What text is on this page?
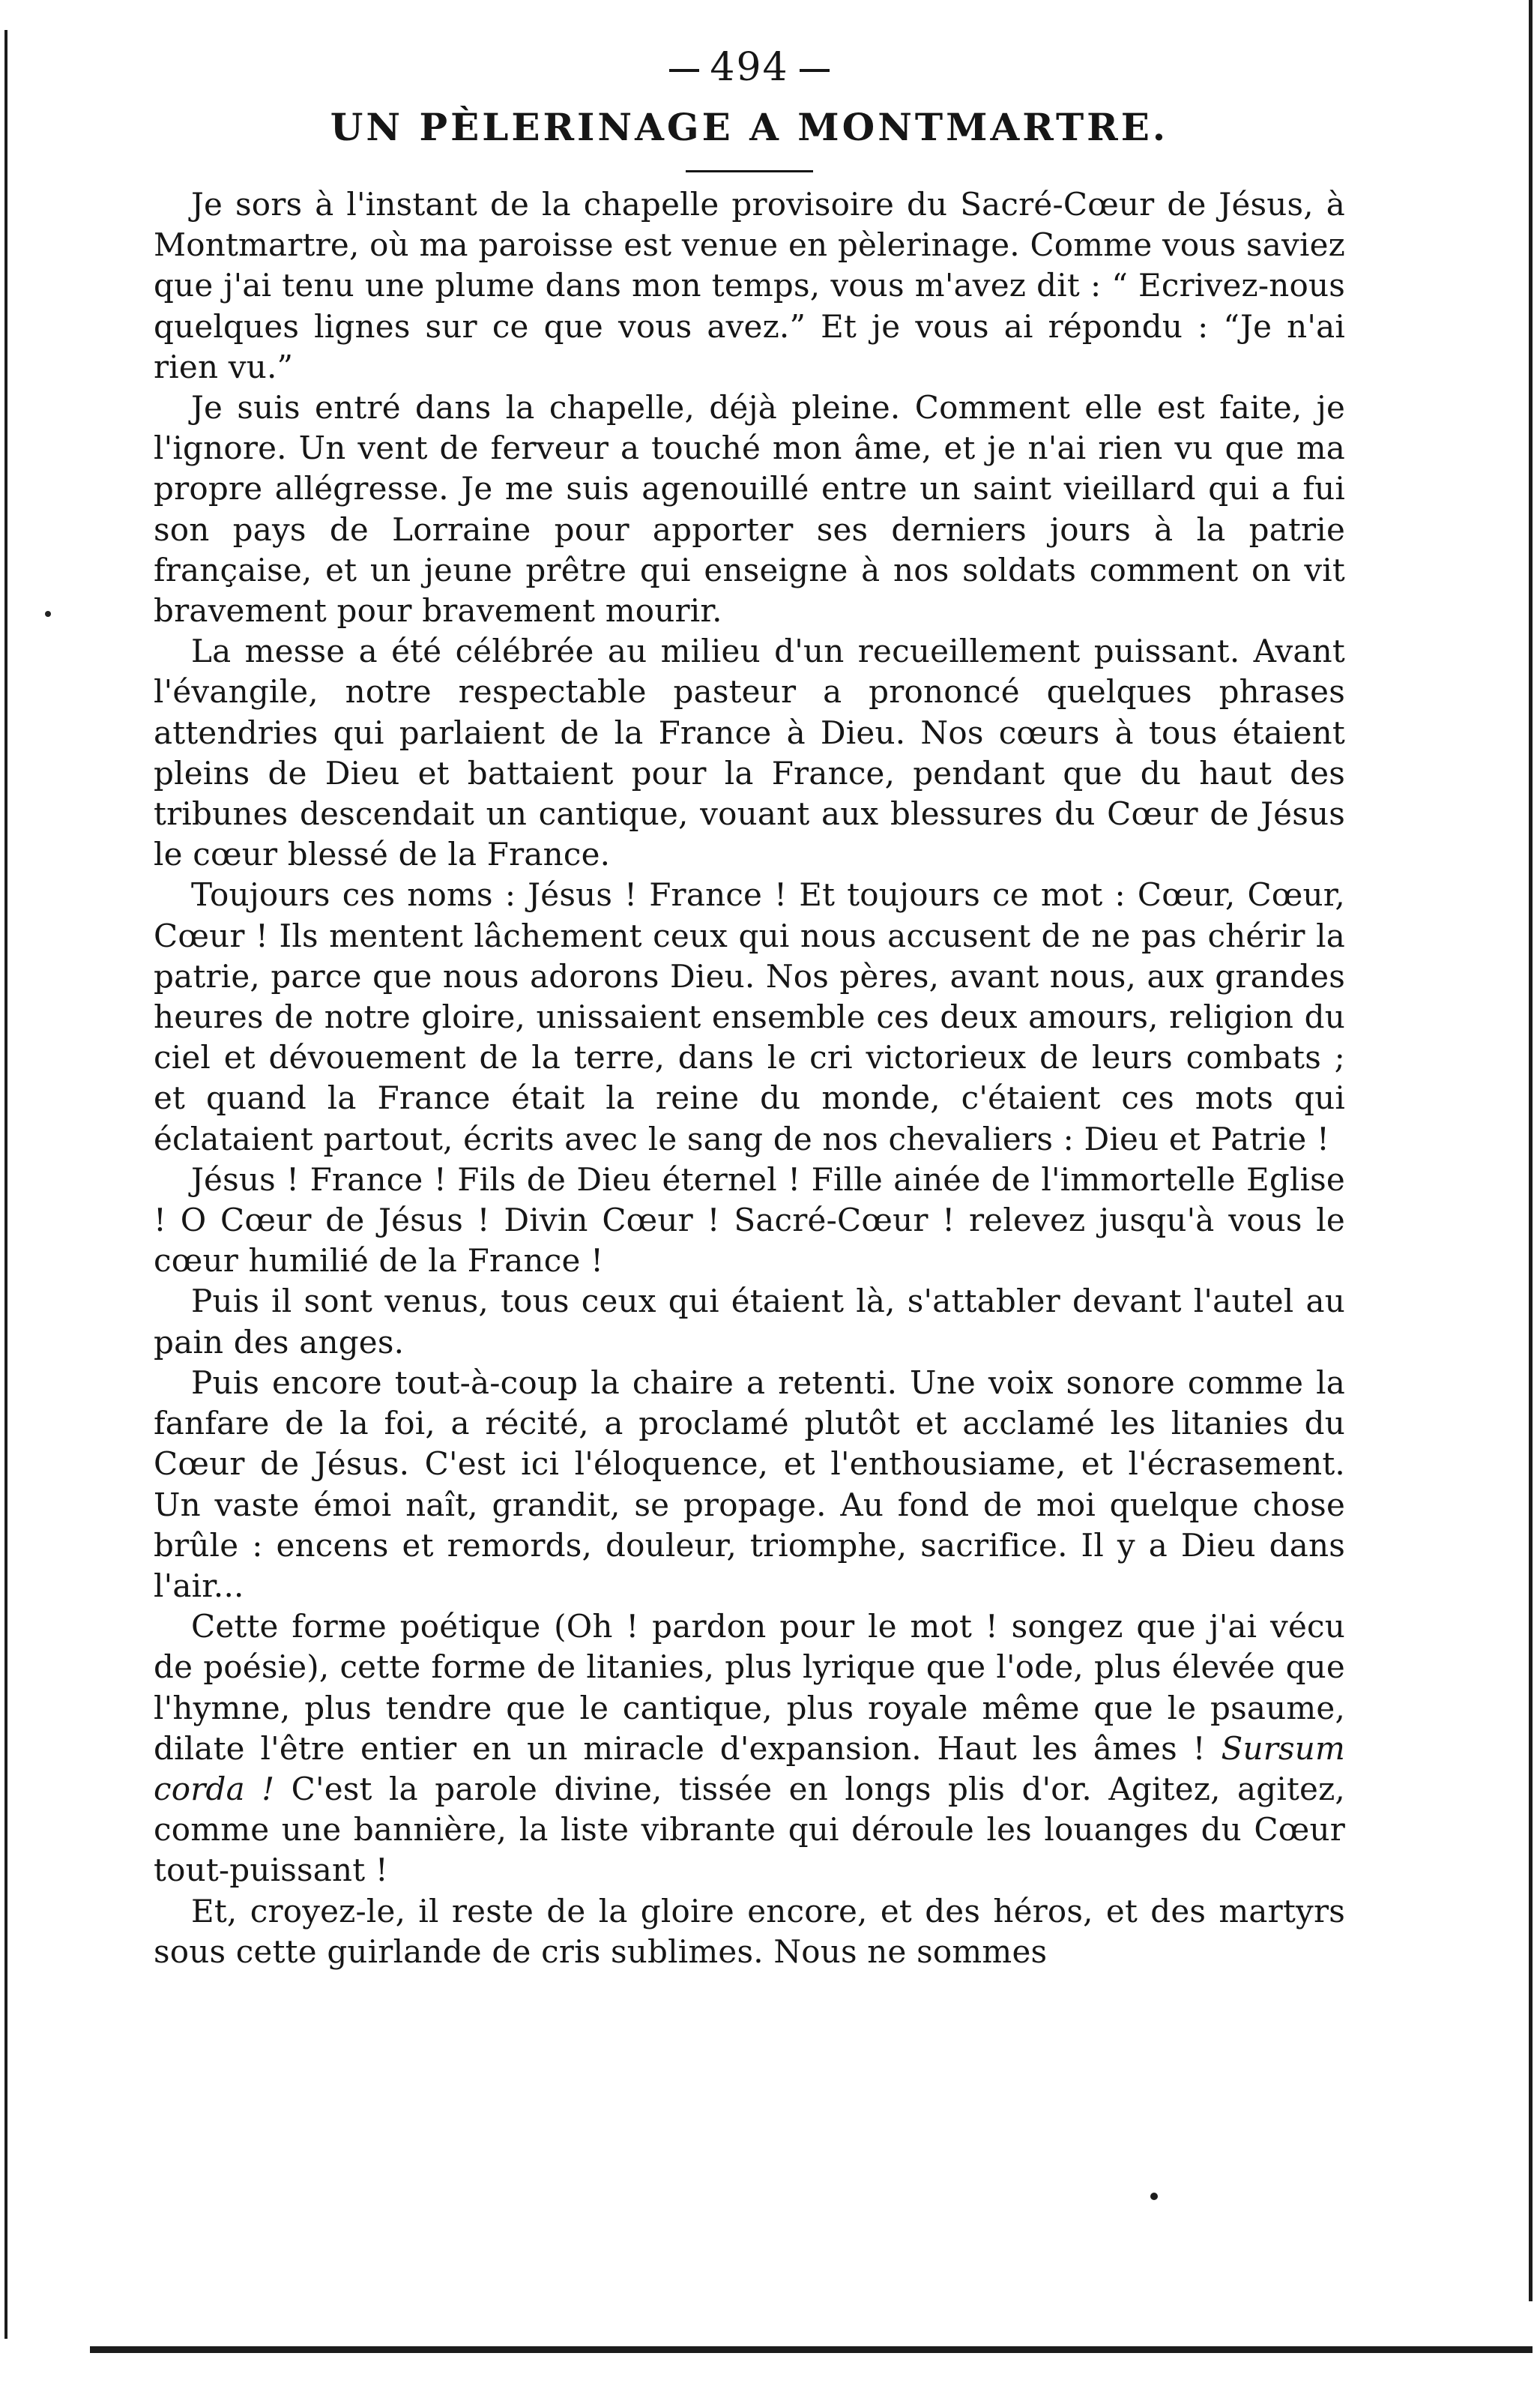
494
UN PÈLERINAGE A MONTMARTRE.

Je sors à l'instant de la chapelle provisoire du Sacré-Cœur de Jésus, à Montmartre, où ma paroisse est venue en pèlerinage. Comme vous saviez que j'ai tenu une plume dans mon temps, vous m'avez dit : “ Ecrivez-nous quelques lignes sur ce que vous avez.” Et je vous ai répondu : “Je n'ai rien vu.”

Je suis entré dans la chapelle, déjà pleine. Comment elle est faite, je l'ignore. Un vent de ferveur a touché mon âme, et je n'ai rien vu que ma propre allégresse. Je me suis agenouillé entre un saint vieillard qui a fui son pays de Lorraine pour apporter ses derniers jours à la patrie française, et un jeune prêtre qui enseigne à nos soldats comment on vit bravement pour bravement mourir.

La messe a été célébrée au milieu d'un recueillement puissant. Avant l'évangile, notre respectable pasteur a prononcé quelques phrases attendries qui parlaient de la France à Dieu. Nos cœurs à tous étaient pleins de Dieu et battaient pour la France, pendant que du haut des tribunes descendait un cantique, vouant aux blessures du Cœur de Jésus le cœur blessé de la France.

Toujours ces noms : Jésus ! France ! Et toujours ce mot : Cœur, Cœur, Cœur ! Ils mentent lâchement ceux qui nous accusent de ne pas chérir la patrie, parce que nous adorons Dieu. Nos pères, avant nous, aux grandes heures de notre gloire, unissaient ensemble ces deux amours, religion du ciel et dévouement de la terre, dans le cri victorieux de leurs combats ; et quand la France était la reine du monde, c'étaient ces mots qui éclataient partout, écrits avec le sang de nos chevaliers : Dieu et Patrie !

Jésus ! France ! Fils de Dieu éternel ! Fille ainée de l'immortelle Eglise ! O Cœur de Jésus ! Divin Cœur ! Sacré-Cœur ! relevez jusqu'à vous le cœur humilié de la France !

Puis il sont venus, tous ceux qui étaient là, s'attabler devant l'autel au pain des anges.

Puis encore tout-à-coup la chaire a retenti. Une voix sonore comme la fanfare de la foi, a récité, a proclamé plutôt et acclamé les litanies du Cœur de Jésus. C'est ici l'éloquence, et l'enthousiame, et l'écrasement. Un vaste émoi naît, grandit, se propage. Au fond de moi quelque chose brûle : encens et remords, douleur, triomphe, sacrifice. Il y a Dieu dans l'air...

Cette forme poétique (Oh ! pardon pour le mot ! songez que j'ai vécu de poésie), cette forme de litanies, plus lyrique que l'ode, plus élevée que l'hymne, plus tendre que le cantique, plus royale même que le psaume, dilate l'être entier en un miracle d'expansion. Haut les âmes ! Sursum corda ! C'est la parole divine, tissée en longs plis d'or. Agitez, agitez, comme une bannière, la liste vibrante qui déroule les louanges du Cœur tout-puissant !

Et, croyez-le, il reste de la gloire encore, et des héros, et des martyrs sous cette guirlande de cris sublimes. Nous ne sommes
